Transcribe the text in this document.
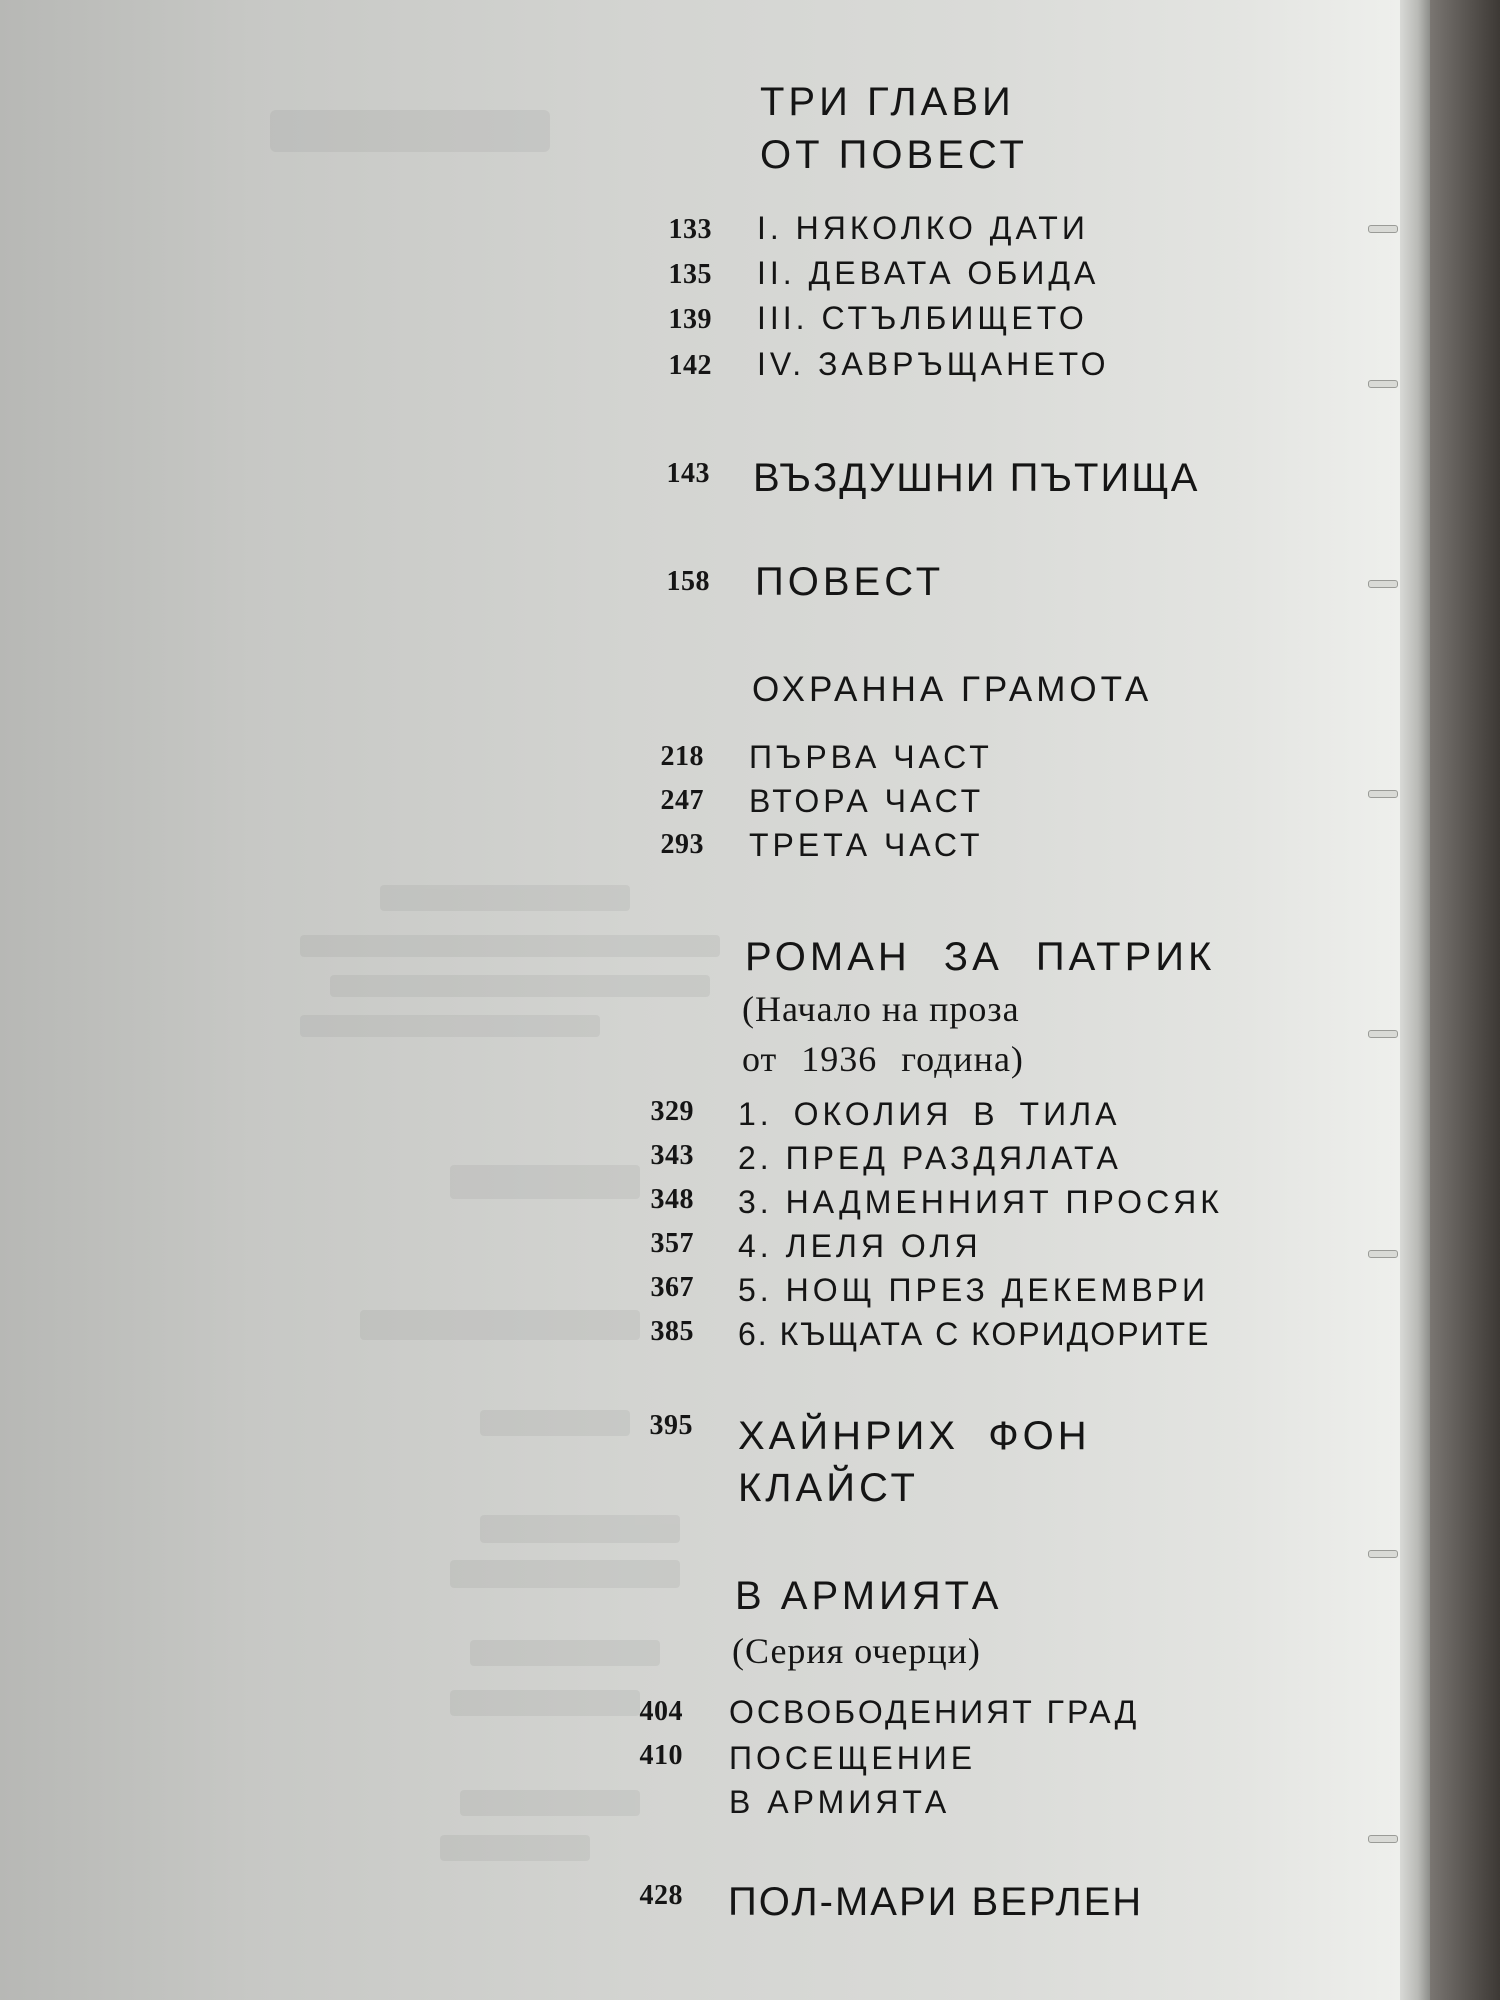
ТРИ ГЛАВИ
ОТ ПОВЕСТ
133 I. НЯКОЛКО ДАТИ
135 II. ДЕВАТА ОБИДА
139 III. СТЪЛБИЩЕТО
142 IV. ЗАВРЪЩАНЕТО
143 ВЪЗДУШНИ ПЪТИЩА
158 ПОВЕСТ
ОХРАННА ГРАМОТА
218 ПЪРВА ЧАСТ
247 ВТОРА ЧАСТ
293 ТРЕТА ЧАСТ
РОМАН ЗА ПАТРИК
(Начало на проза
от 1936 година)
329 1. ОКОЛИЯ В ТИЛА
343 2. ПРЕД РАЗДЯЛАТА
348 3. НАДМЕННИЯТ ПРОСЯК
357 4. ЛЕЛЯ ОЛЯ
367 5. НОЩ ПРЕЗ ДЕКЕМВРИ
385 6. КЪЩАТА С КОРИДОРИТЕ
395 ХАЙНРИХ ФОН
КЛАЙСТ
В АРМИЯТА
(Серия очерци)
404 ОСВОБОДЕНИЯТ ГРАД
410 ПОСЕЩЕНИЕ
В АРМИЯТА
428 ПОЛ-МАРИ ВЕРЛЕН
